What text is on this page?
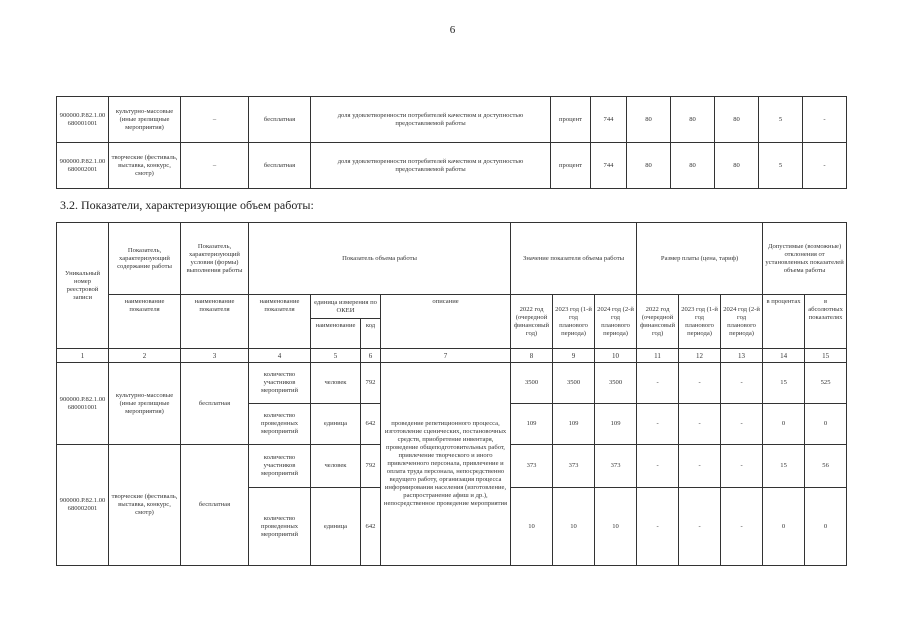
6
900000.Р.82.1.00 680001001	культурно-массовые (иные зрелищные мероприятия)	–	бесплатная	доля удовлетворенности потребителей качеством и доступностью предоставляемой работы	процент	744	80	80	80	5	-
900000.Р.82.1.00 680002001	творческие (фестиваль, выставка, конкурс, смотр)	–	бесплатная	доля удовлетворенности потребителей качеством и доступностью предоставляемой работы	процент	744	80	80	80	5	-
3.2. Показатели, характеризующие объем работы:
Уникальный номер реестровой записи	Показатель, характеризующий содержание работы	Показатель, характеризующий условия (формы) выполнения работы	Показатель объема работы				Значение показателя объема работы			Размер платы (цена, тариф)			Допустимые (возможные) отклонения от установленных показателей объема работы	
	наименование показателя	наименование показателя	наименование показателя	единица измерения по ОКЕИ		описание	2022 год (очередной финансовый год)	2023 год (1-й год планового периода)	2024 год (2-й год планового периода)	2022 год (очередной финансовый год)	2023 год (1-й год планового периода)	2024 год (2-й год планового периода)	в процентах	в абсолютных показателях
				наименование	код									
1	2	3	4	5	6	7	8	9	10	11	12	13	14	15
900000.Р.82.1.00 680001001	культурно-массовые (иные зрелищные мероприятия)	бесплатная	количество участников мероприятий	человек	792	проведение репетиционного процесса, изготовление сценических, постановочных средств, приобретение инвентаря, проведение общеподготовительных работ, привлечение творческого и иного привлеченного персонала, привлечение и оплата труда персонала, непосредственно ведущего работу, организация процесса информирования населения (изготовление, распространение афиш и др.), непосредственное проведение мероприятия	3500	3500	3500	-	-	-	15	525
			количество проведенных мероприятий	единица	642		109	109	109	-	-	-	0	0
900000.Р.82.1.00 680002001	творческие (фестиваль, выставка, конкурс, смотр)	бесплатная	количество участников мероприятий	человек	792		373	373	373	-	-	-	15	56
			количество проведенных мероприятий	единица	642		10	10	10	-	-	-	0	0
